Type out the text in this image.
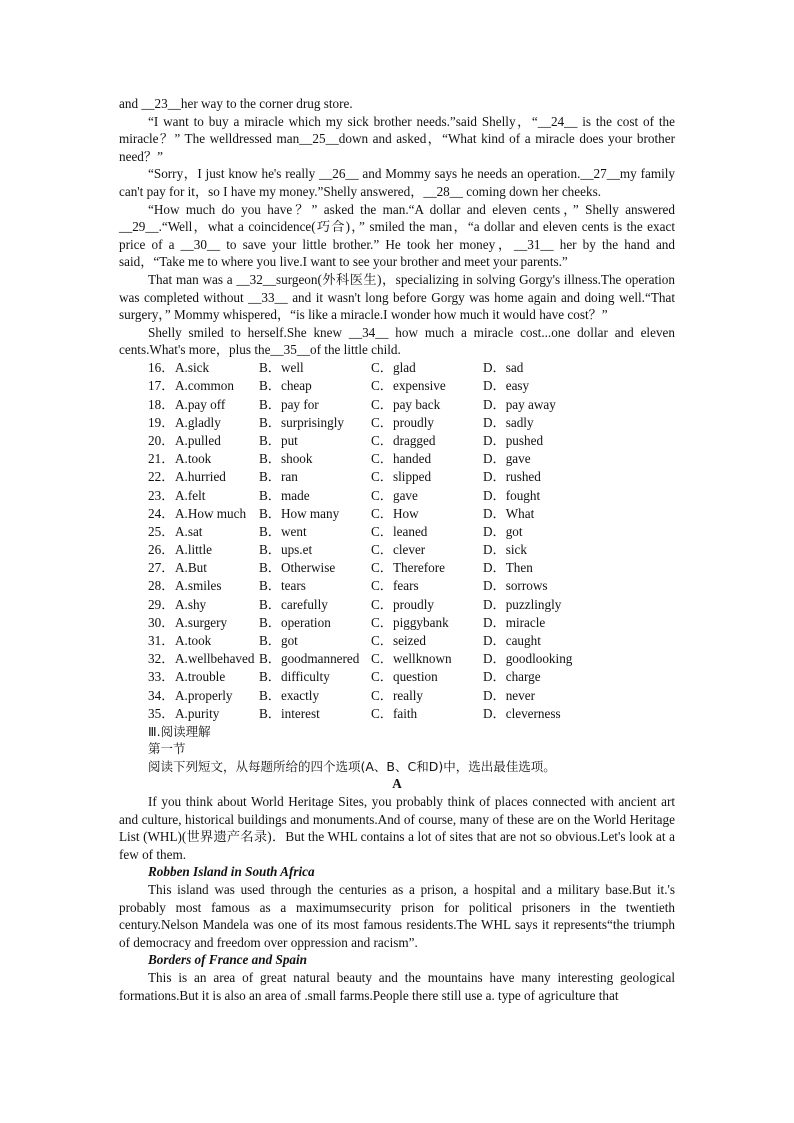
and __23__her way to the corner drug store.

“I want to buy a miracle which my sick brother needs.”said Shelly，“__24__ is the cost of the miracle？” The welldressed man__25__down and asked，“What kind of a miracle does your brother need？”

“Sorry，I just know he's really __26__ and Mommy says he needs an operation.__27__my family can't pay for it，so I have my money.”Shelly answered，__28__ coming down her cheeks.

“How much do you have？” asked the man.“A dollar and eleven cents，” Shelly answered __29__.“Well，what a coincidence(巧合)，” smiled the man，“a dollar and eleven cents is the exact price of a __30__ to save your little brother.” He took her money，__31__ her by the hand and said，“Take me to where you live.I want to see your brother and meet your parents.”

That man was a __32__surgeon(外科医生)，specializing in solving Gorgy's illness.The operation was completed without __33__ and it wasn't long before Gorgy was home again and doing well.“That surgery，” Mommy whispered，“is like a miracle.I wonder how much it would have cost？”

Shelly smiled to herself.She knew __34__ how much a miracle cost...one dollar and eleven cents.What's more，plus the__35__of the little child.

16． A.sick	B．well	C．glad	D．sad
17． A.common B．cheap	C．expensive	D．easy
18． A.pay off	B．pay for	C．pay back	D．pay away
19． A.gladly	B．surprisingly C．proudly	D．sadly
20． A.pulled	B．put	C．dragged	D．pushed
21． A.took	B．shook	C．handed	D．gave
22． A.hurried	B．ran	C．slipped	D．rushed
23． A.felt	B．made	C．gave	D．fought
24． A.How much B．How many C．How	D．What
25． A.sat	B．went	C．leaned	D．got
26． A.little	B．ups.et	C．clever	D．sick
27． A.But	B．Otherwise	C．Therefore	D．Then
28． A.smiles	B．tears	C．fears	D．sorrows
29． A.shy	B．carefully	C．proudly	D．puzzlingly
30． A.surgery B．operation	C．piggybank	D．miracle
31． A.took	B．got	C．seized	D．caught
32． A.wellbehaved B．goodmannered C．wellknown D．goodlooking
33． A.trouble	B．difficulty	C．question	D．charge
34． A.properly B．exactly	C．really	D．never
35． A.purity	B．interest	C．faith	D．cleverness

Ⅲ.阅读理解

第一节

阅读下列短文，从每题所给的四个选项(A、B、C和D)中，选出最佳选项。

A

If you think about World Heritage Sites, you probably think of places connected with ancient art and culture, historical buildings and monuments.And of course, many of these are on the World Heritage List (WHL)(世界遗产名录)．But the WHL contains a lot of sites that are not so obvious.Let's look at a few of them.

Robben Island in South Africa

This island was used through the centuries as a prison, a hospital and a military base.But it.'s probably most famous as a maximumsecurity prison for political prisoners in the twentieth century.Nelson Mandela was one of its most famous residents.The WHL says it represents“the triumph of democracy and freedom over oppression and racism”.

Borders of France and Spain

This is an area of great natural beauty and the mountains have many interesting geological formations.But it is also an area of .small farms.People there still use a. type of agriculture that
